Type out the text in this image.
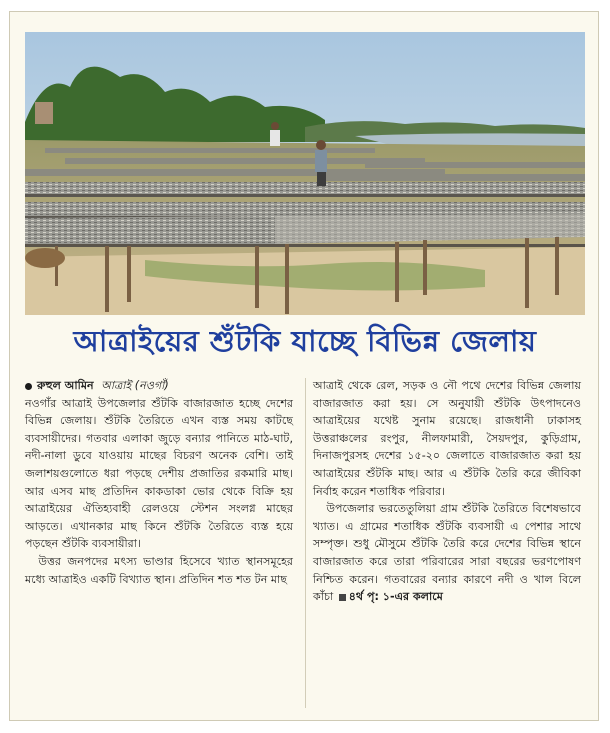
আত্রাইয়ের শুঁটকি যাচ্ছে বিভিন্ন জেলায়

রুহুল আমিন আত্রাই (নওগাঁ)

নওগাঁর আত্রাই উপজেলার শুঁটকি বাজারজাত হচ্ছে দেশের বিভিন্ন জেলায়। শুঁটকি তৈরিতে এখন ব্যস্ত সময় কাটছে ব্যবসায়ীদের। গতবার এলাকা জুড়ে বন্যার পানিতে মাঠ-ঘাট, নদী-নালা ডুবে যাওয়ায় মাছের বিচরণ অনেক বেশি। তাই জলাশয়গুলোতে ধরা পড়ছে দেশীয় প্রজাতির রকমারি মাছ। আর এসব মাছ প্রতিদিন কাকডাকা ভোর থেকে বিক্রি হয় আত্রাইয়ের ঐতিহ্যবাহী রেলওয়ে স্টেশন সংলগ্ন মাছের আড়তে। এখানকার মাছ কিনে শুঁটকি তৈরিতে ব্যস্ত হয়ে পড়ছেন শুঁটকি ব্যবসায়ীরা।

উত্তর জনপদের মৎস্য ভাণ্ডার হিসেবে খ্যাত স্থানসমূহের মধ্যে আত্রাইও একটি বিখ্যাত স্থান। প্রতিদিন শত শত টন মাছ

আত্রাই থেকে রেল, সড়ক ও নৌ পথে দেশের বিভিন্ন জেলায় বাজারজাত করা হয়। সে অনুযায়ী শুঁটকি উৎপাদনেও আত্রাইয়ের যথেষ্ট সুনাম রয়েছে। রাজধানী ঢাকাসহ উত্তরাঞ্চলের রংপুর, নীলফামারী, সৈয়দপুর, কুড়িগ্রাম, দিনাজপুরসহ দেশের ১৫-২০ জেলাতে বাজারজাত করা হয় আত্রাইয়ের শুঁটকি মাছ। আর এ শুঁটকি তৈরি করে জীবিকা নির্বাহ করেন শতাধিক পরিবার।

উপজেলার ভরতেতুলিয়া গ্রাম শুঁটকি তৈরিতে বিশেষভাবে খ্যাত। এ গ্রামের শতাধিক শুঁটকি ব্যবসায়ী এ পেশার সাথে সম্পৃক্ত। শুধু মৌসুমে শুঁটকি তৈরি করে দেশের বিভিন্ন স্থানে বাজারজাত করে তারা পরিবারের সারা বছরের ভরণপোষণ নিশ্চিত করেন। গতবারের বন্যার কারণে নদী ও খাল বিলে কাঁচা ৪র্থ পৃ: ১-এর কলামে
